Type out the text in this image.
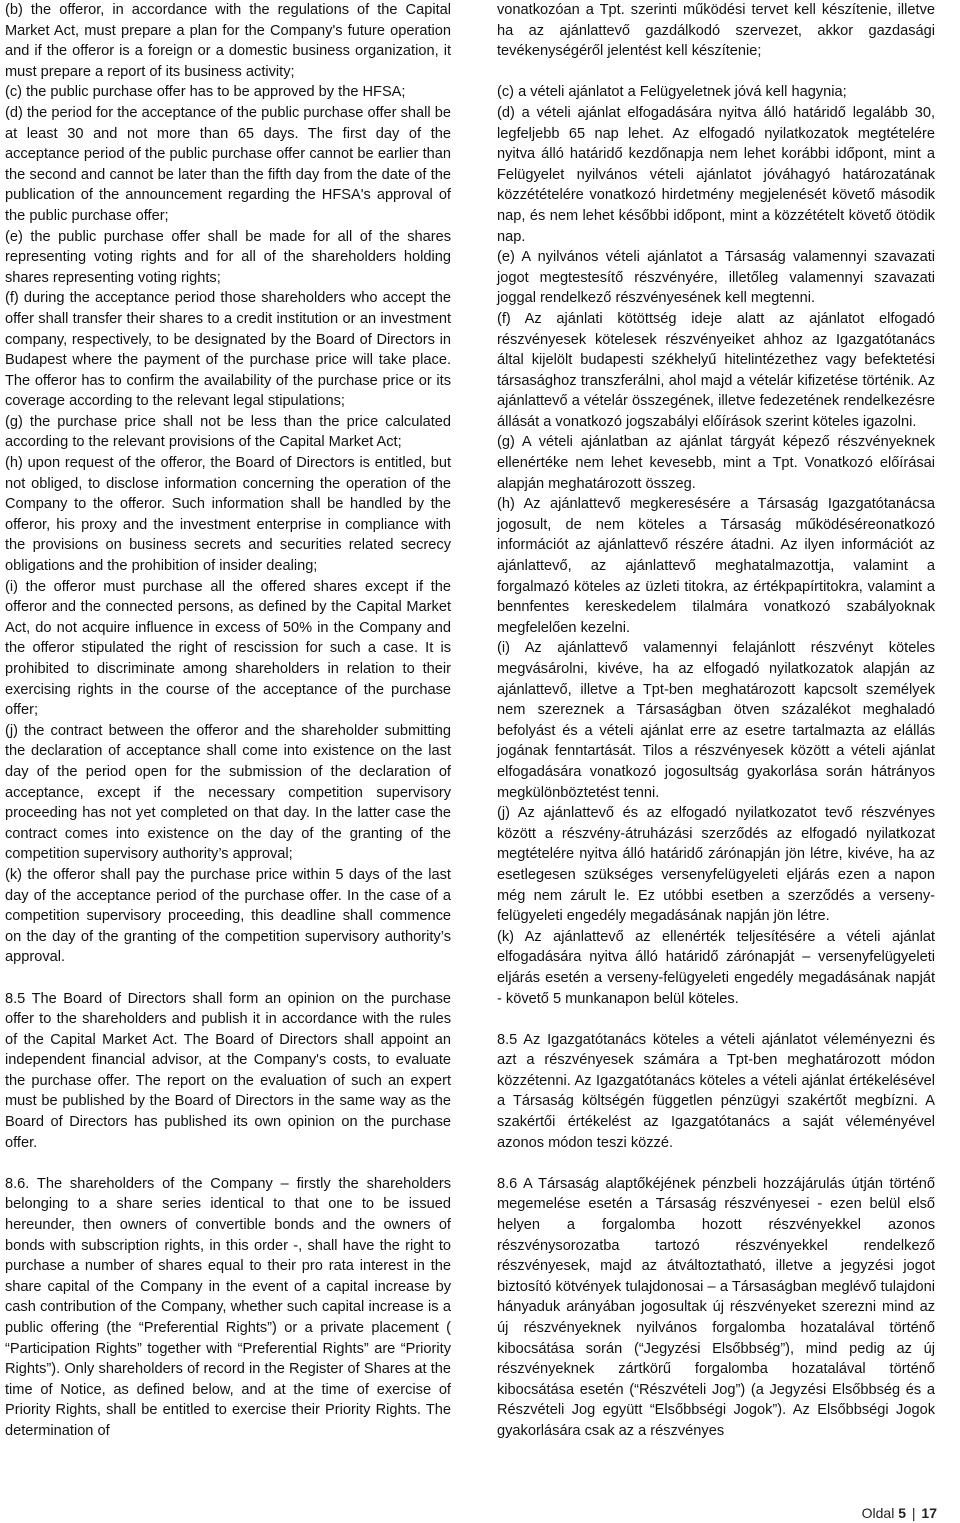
(b) the offeror, in accordance with the regulations of the Capital Market Act, must prepare a plan for the Company's future operation and if the offeror is a foreign or a domestic business organization, it must prepare a report of its business activity;

(c) the public purchase offer has to be approved by the HFSA;

(d) the period for the acceptance of the public purchase offer shall be at least 30 and not more than 65 days. The first day of the acceptance period of the public purchase offer cannot be earlier than the second and cannot be later than the fifth day from the date of the publication of the announcement regarding the HFSA's approval of the public purchase offer;

(e) the public purchase offer shall be made for all of the shares representing voting rights and for all of the shareholders holding shares representing voting rights;

(f) during the acceptance period those shareholders who accept the offer shall transfer their shares to a credit institution or an investment company, respectively, to be designated by the Board of Directors in Budapest where the payment of the purchase price will take place. The offeror has to confirm the availability of the purchase price or its coverage according to the relevant legal stipulations;

(g) the purchase price shall not be less than the price calculated according to the relevant provisions of the Capital Market Act;

(h) upon request of the offeror, the Board of Directors is entitled, but not obliged, to disclose information concerning the operation of the Company to the offeror. Such information shall be handled by the offeror, his proxy and the investment enterprise in compliance with the provisions on business secrets and securities related secrecy obligations and the prohibition of insider dealing;

(i) the offeror must purchase all the offered shares except if the offeror and the connected persons, as defined by the Capital Market Act, do not acquire influence in excess of 50% in the Company and the offeror stipulated the right of rescission for such a case. It is prohibited to discriminate among shareholders in relation to their exercising rights in the course of the acceptance of the purchase offer;

(j) the contract between the offeror and the shareholder submitting the declaration of acceptance shall come into existence on the last day of the period open for the submission of the declaration of acceptance, except if the necessary competition supervisory proceeding has not yet completed on that day. In the latter case the contract comes into existence on the day of the granting of the competition supervisory authority’s approval;

(k) the offeror shall pay the purchase price within 5 days of the last day of the acceptance period of the purchase offer. In the case of a competition supervisory proceeding, this deadline shall commence on the day of the granting of the competition supervisory authority’s approval.

8.5 The Board of Directors shall form an opinion on the purchase offer to the shareholders and publish it in accordance with the rules of the Capital Market Act. The Board of Directors shall appoint an independent financial advisor, at the Company's costs, to evaluate the purchase offer. The report on the evaluation of such an expert must be published by the Board of Directors in the same way as the Board of Directors has published its own opinion on the purchase offer.

8.6. The shareholders of the Company – firstly the shareholders belonging to a share series identical to that one to be issued hereunder, then owners of convertible bonds and the owners of bonds with subscription rights, in this order -, shall have the right to purchase a number of shares equal to their pro rata interest in the share capital of the Company in the event of a capital increase by cash contribution of the Company, whether such capital increase is a public offering (the “Preferential Rights”) or a private placement ( “Participation Rights” together with “Preferential Rights” are “Priority Rights”). Only shareholders of record in the Register of Shares at the time of Notice, as defined below, and at the time of exercise of Priority Rights, shall be entitled to exercise their Priority Rights. The determination of

vonatkozóan a Tpt. szerinti működési tervet kell készítenie, illetve ha az ajánlattevő gazdálkodó szervezet, akkor gazdasági tevékenységéről jelentést kell készítenie;

(c) a vételi ajánlatot a Felügyeletnek jóvá kell hagynia;

(d) a vételi ajánlat elfogadására nyitva álló határidő legalább 30, legfeljebb 65 nap lehet. Az elfogadó nyilatkozatok megtételére nyitva álló határidő kezdőnapja nem lehet korábbi időpont, mint a Felügyelet nyilvános vételi ajánlatot jóváhagyó határozatának közzétételére vonatkozó hirdetmény megjelenését követő második nap, és nem lehet későbbi időpont, mint a közzétételt követő ötödik nap.

(e) A nyilvános vételi ajánlatot a Társaság valamennyi szavazati jogot megtestesítő részvényére, illetőleg valamennyi szavazati joggal rendelkező részvényesének kell megtenni.

(f) Az ajánlati kötöttség ideje alatt az ajánlatot elfogadó részvényesek kötelesek részvényeiket ahhoz az Igazgatótanács által kijelölt budapesti székhelyű hitelintézethez vagy befektetési társasághoz transzferálni, ahol majd a vételár kifizetése történik. Az ajánlattevő a vételár összegének, illetve fedezetének rendelkezésre állását a vonatkozó jogszabályi előírások szerint köteles igazolni.

(g) A vételi ajánlatban az ajánlat tárgyát képező részvényeknek ellenértéke nem lehet kevesebb, mint a Tpt. Vonatkozó előírásai alapján meghatározott összeg.

(h) Az ajánlattevő megkeresésére a Társaság Igazgatótanácsa jogosult, de nem köteles a Társaság működéséreonatkozó információt az ajánlattevő részére átadni. Az ilyen információt az ajánlattevő, az ajánlattevő meghatalmazottja, valamint a forgalmazó köteles az üzleti titokra, az értékpapírtitokra, valamint a bennfentes kereskedelem tilalmára vonatkozó szabályoknak megfelelően kezelni.

(i) Az ajánlattevő valamennyi felajánlott részvényt köteles megvásárolni, kivéve, ha az elfogadó nyilatkozatok alapján az ajánlattevő, illetve a Tpt-ben meghatározott kapcsolt személyek nem szereznek a Társaságban ötven százalékot meghaladó befolyást és a vételi ajánlat erre az esetre tartalmazta az elállás jogának fenntartását. Tilos a részvényesek között a vételi ajánlat elfogadására vonatkozó jogosultság gyakorlása során hátrányos megkülönböztetést tenni.

(j) Az ajánlattevő és az elfogadó nyilatkozatot tevő részvényes között a részvény-átruházási szerződés az elfogadó nyilatkozat megtételére nyitva álló határidő zárónapján jön létre, kivéve, ha az esetlegesen szükséges versenyfelügyeleti eljárás ezen a napon még nem zárult le. Ez utóbbi esetben a szerződés a verseny-felügyeleti engedély megadásának napján jön létre.

(k) Az ajánlattevő az ellenérték teljesítésére a vételi ajánlat elfogadására nyitva álló határidő zárónapját – versenyfelügyeleti eljárás esetén a verseny-felügyeleti engedély megadásának napját - követő 5 munkanapon belül köteles.

8.5 Az Igazgatótanács köteles a vételi ajánlatot véleményezni és azt a részvényesek számára a Tpt-ben meghatározott módon közzétenni. Az Igazgatótanács köteles a vételi ajánlat értékelésével a Társaság költségén független pénzügyi szakértőt megbízni. A szakértői értékelést az Igazgatótanács a saját véleményével azonos módon teszi közzé.

8.6 A Társaság alaptőkéjének pénzbeli hozzájárulás útján történő megemelése esetén a Társaság részvényesei - ezen belül első helyen a forgalomba hozott részvényekkel azonos részvénysorozatba tartozó részvényekkel rendelkező részvényesek, majd az átváltoztatható, illetve a jegyzési jogot biztosító kötvények tulajdonosai – a Társaságban meglévő tulajdoni hányaduk arányában jogosultak új részvényeket szerezni mind az új részvényeknek nyilvános forgalomba hozatalával történő kibocsátása során (“Jegyzési Elsőbbség”), mind pedig az új részvényeknek zártkörű forgalomba hozatalával történő kibocsátása esetén (“Részvételi Jog”) (a Jegyzési Elsőbbség és a Részvételi Jog együtt “Elsőbbségi Jogok”). Az Elsőbbségi Jogok gyakorlására csak az a részvényes

Oldal 5 | 17
